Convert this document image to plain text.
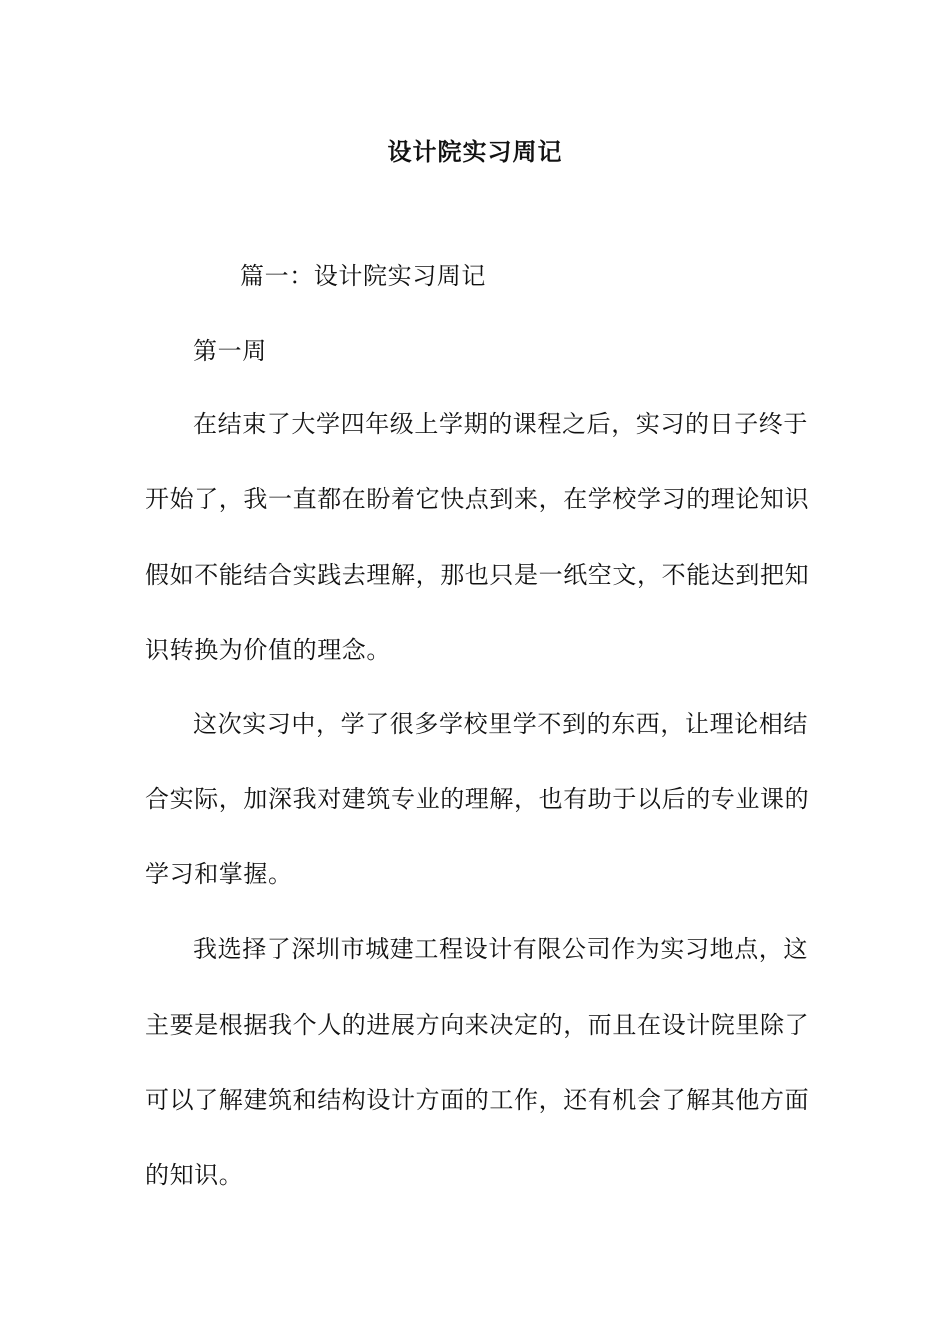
设计院实习周记

篇一：设计院实习周记

第一周

在结束了大学四年级上学期的课程之后，实习的日子终于

开始了，我一直都在盼着它快点到来，在学校学习的理论知识

假如不能结合实践去理解，那也只是一纸空文，不能达到把知

识转换为价值的理念。

这次实习中，学了很多学校里学不到的东西，让理论相结

合实际，加深我对建筑专业的理解，也有助于以后的专业课的

学习和掌握。

我选择了深圳市城建工程设计有限公司作为实习地点，这

主要是根据我个人的进展方向来决定的，而且在设计院里除了

可以了解建筑和结构设计方面的工作，还有机会了解其他方面

的知识。
